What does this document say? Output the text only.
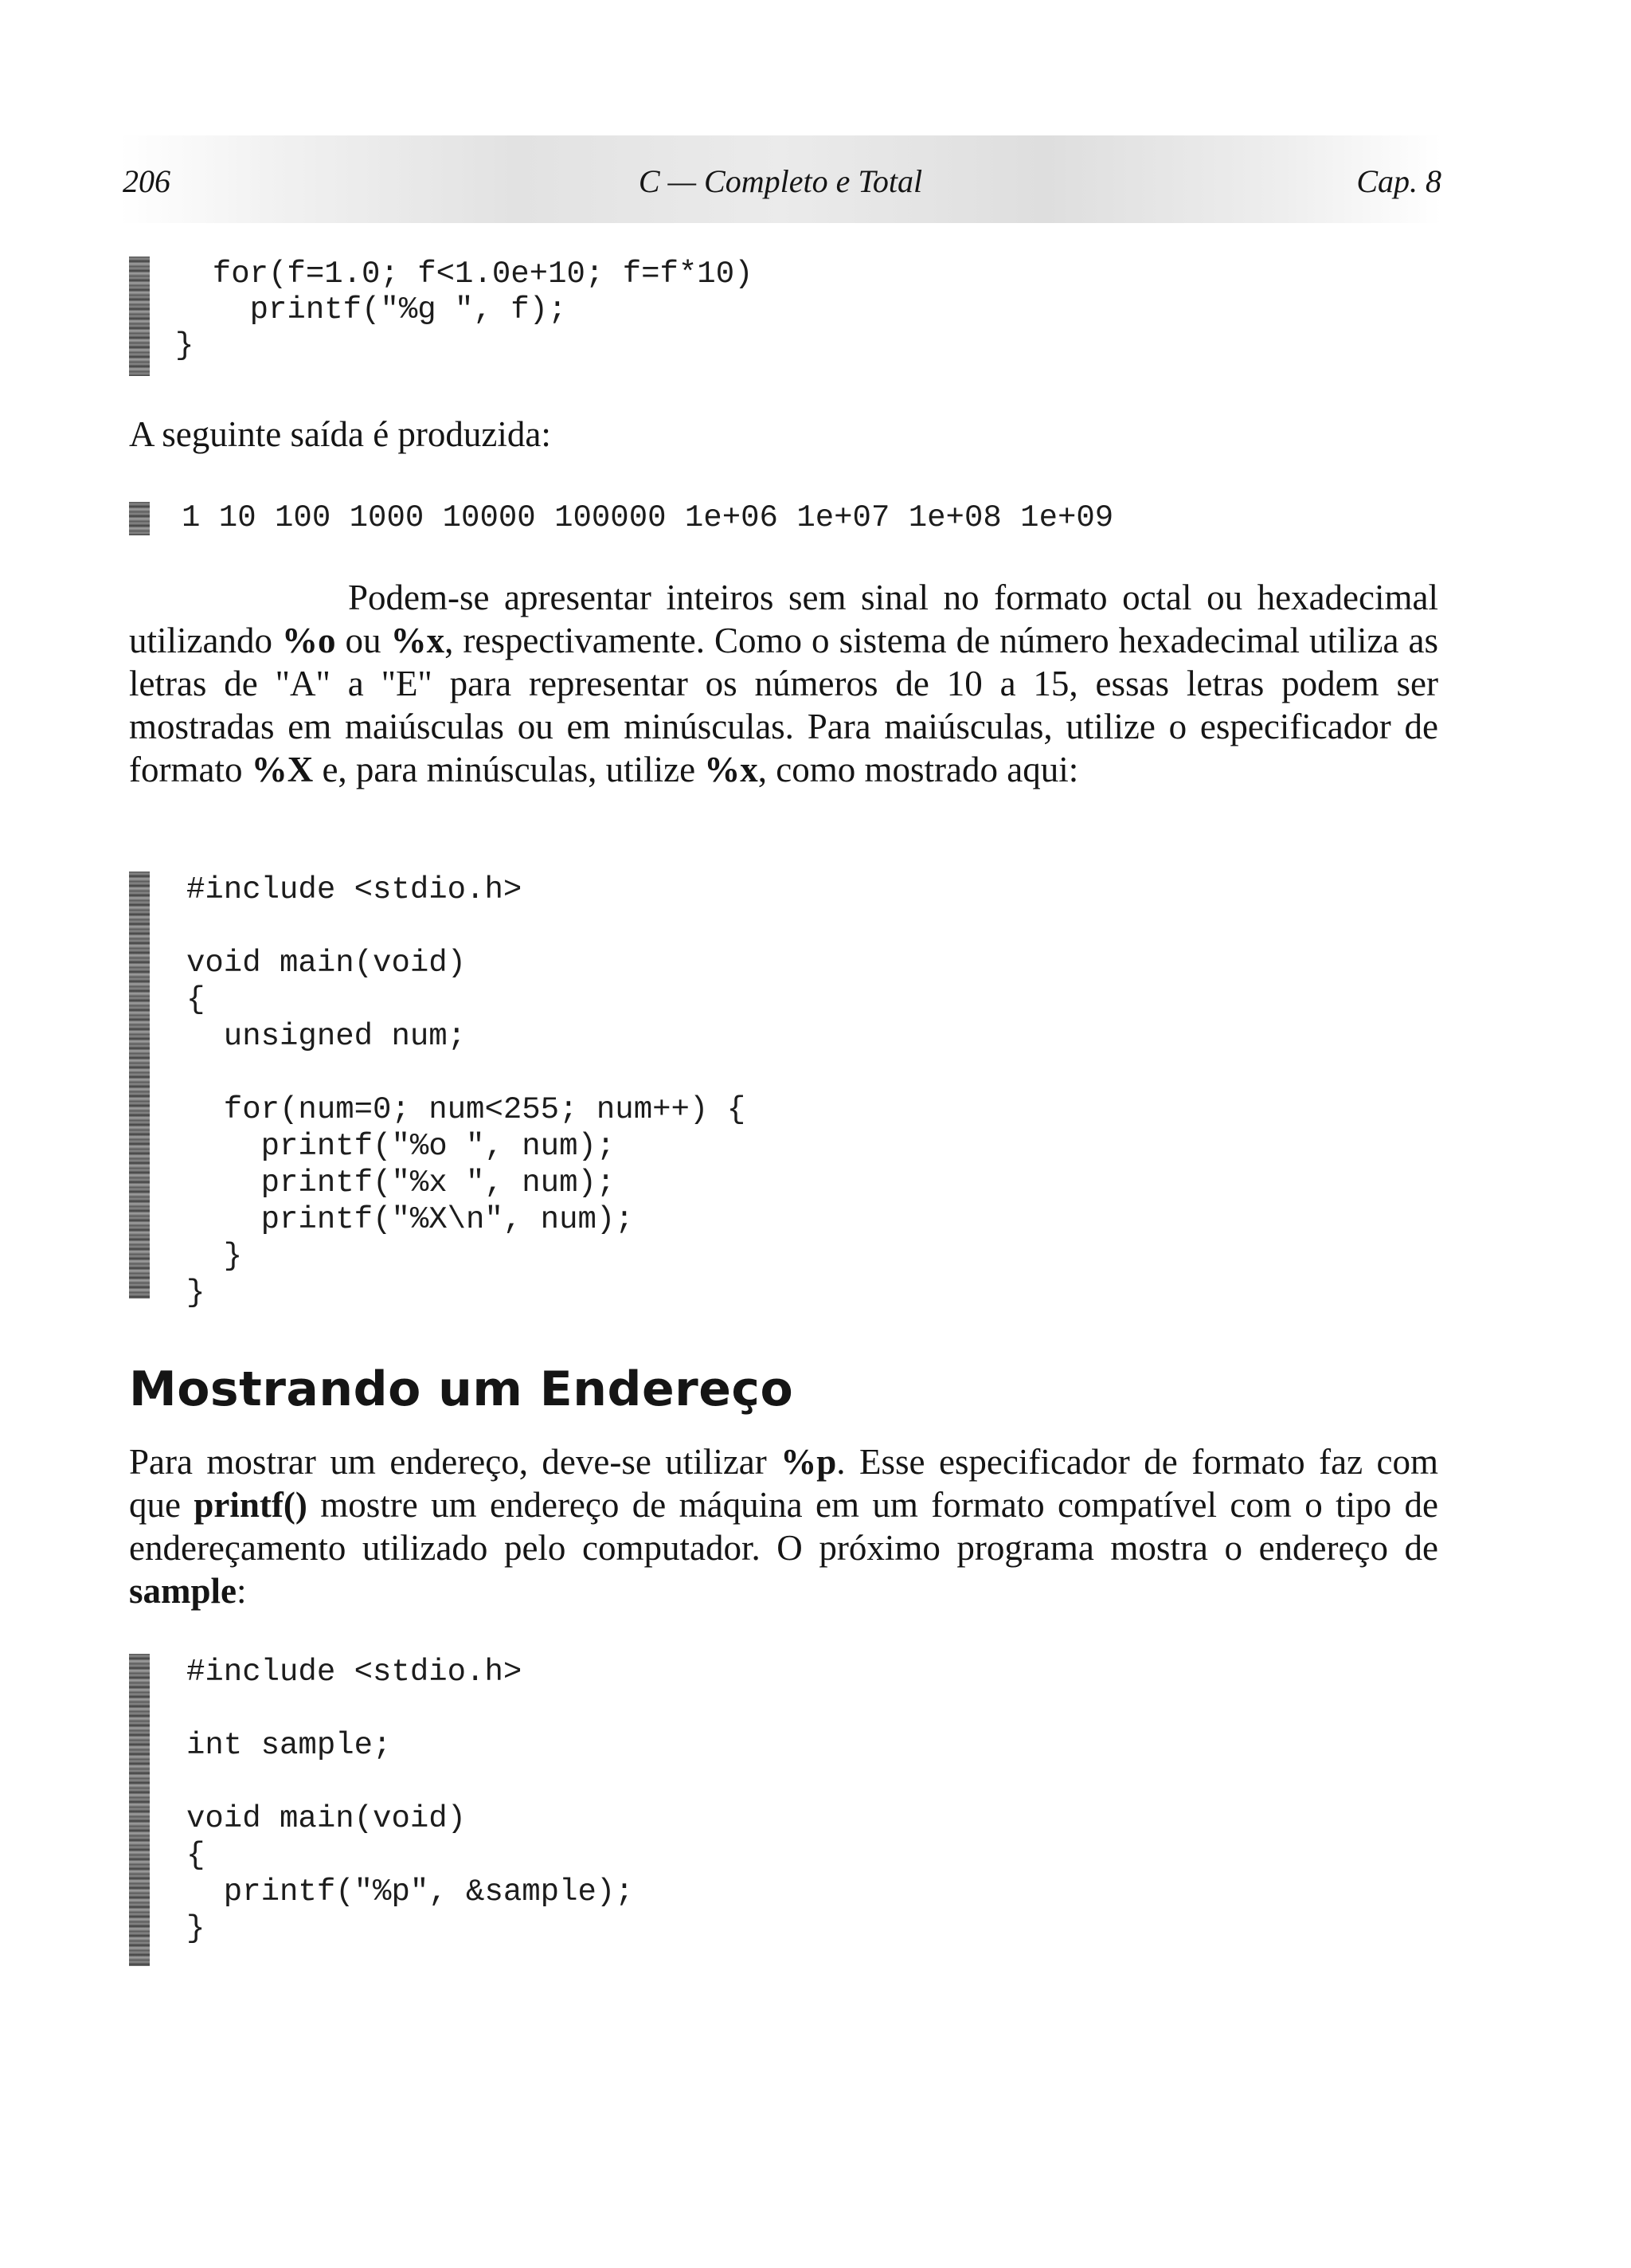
206	C — Completo e Total	Cap. 8
for(f=1.0; f<1.0e+10; f=f*10)
printf("%g ", f);
}

A seguinte saída é produzida:

1 10 100 1000 10000 100000 1e+06 1e+07 1e+08 1e+09

Podem-se apresentar inteiros sem sinal no formato octal ou hexadecimal utilizando %o ou %x, respectivamente. Como o sistema de número hexadecimal utiliza as letras de "A" a "E" para representar os números de 10 a 15, essas letras podem ser mostradas em maiúsculas ou em minúsculas. Para maiúsculas, utilize o especificador de formato %X e, para minúsculas, utilize %x, como mostrado aqui:

#include <stdio.h>

void main(void)
{
unsigned num;

for(num=0; num<255; num++) {
printf("%o ", num);
printf("%x ", num);
printf("%X\n", num);
}
}
Mostrando um Endereço

Para mostrar um endereço, deve-se utilizar %p. Esse especificador de formato faz com que printf() mostre um endereço de máquina em um formato compatível com o tipo de endereçamento utilizado pelo computador. O próximo programa mostra o endereço de sample:

#include <stdio.h>

int sample;

void main(void)
{
printf("%p", &sample);
}
